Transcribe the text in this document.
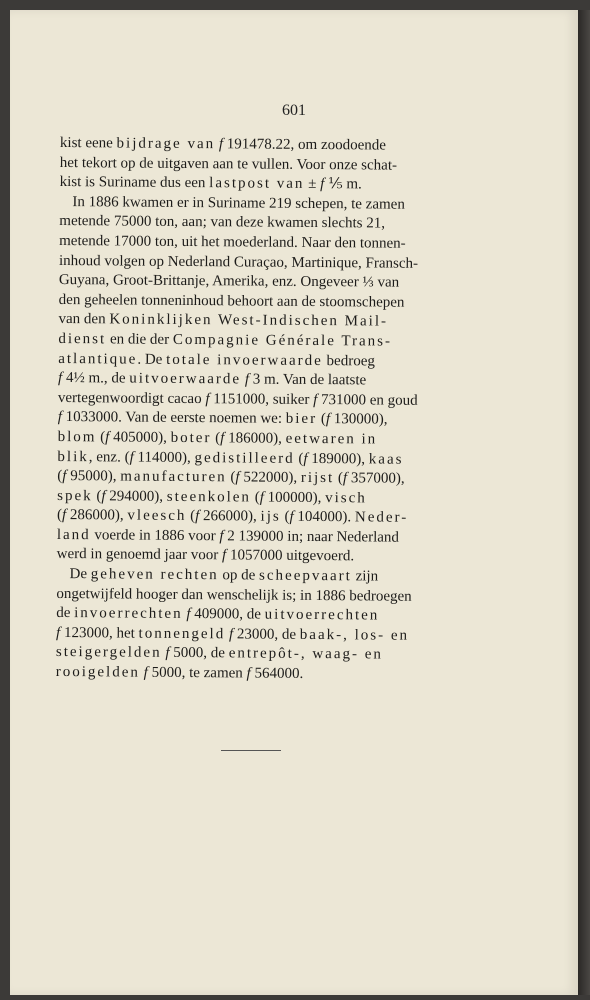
601
kist eene bijdrage van f 191478.22, om zoodoende
het tekort op de uitgaven aan te vullen. Voor onze schat-
kist is Suriname dus een lastpost van ± f ⅕ m.
In 1886 kwamen er in Suriname 219 schepen, te zamen
metende 75000 ton, aan; van deze kwamen slechts 21,
metende 17000 ton, uit het moederland. Naar den tonnen-
inhoud volgen op Nederland Curaçao, Martinique, Fransch-
Guyana, Groot-Brittanje, Amerika, enz. Ongeveer ⅓ van
den geheelen tonneninhoud behoort aan de stoomschepen
van den Koninklijken West-Indischen Mail-
dienst en die der Compagnie Générale Trans-
atlantique. De totale invoerwaarde bedroeg
f 4½ m., de uitvoerwaarde f 3 m. Van de laatste
vertegenwoordigt cacao f 1151000, suiker f 731000 en goud
f 1033000. Van de eerste noemen we: bier (f 130000),
blom (f 405000), boter (f 186000), eetwaren in
blik, enz. (f 114000), gedistilleerd (f 189000), kaas
(f 95000), manufacturen (f 522000), rijst (f 357000),
spek (f 294000), steenkolen (f 100000), visch
(f 286000), vleesch (f 266000), ijs (f 104000). Neder-
land voerde in 1886 voor f 2 139000 in; naar Nederland
werd in genoemd jaar voor f 1057000 uitgevoerd.
De geheven rechten op de scheepvaart zijn
ongetwijfeld hooger dan wenschelijk is; in 1886 bedroegen
de invoerrechten f 409000, de uitvoerrechten
f 123000, het tonnengeld f 23000, de baak-, los- en
steigergelden f 5000, de entrepôt-, waag- en
rooigelden f 5000, te zamen f 564000.
